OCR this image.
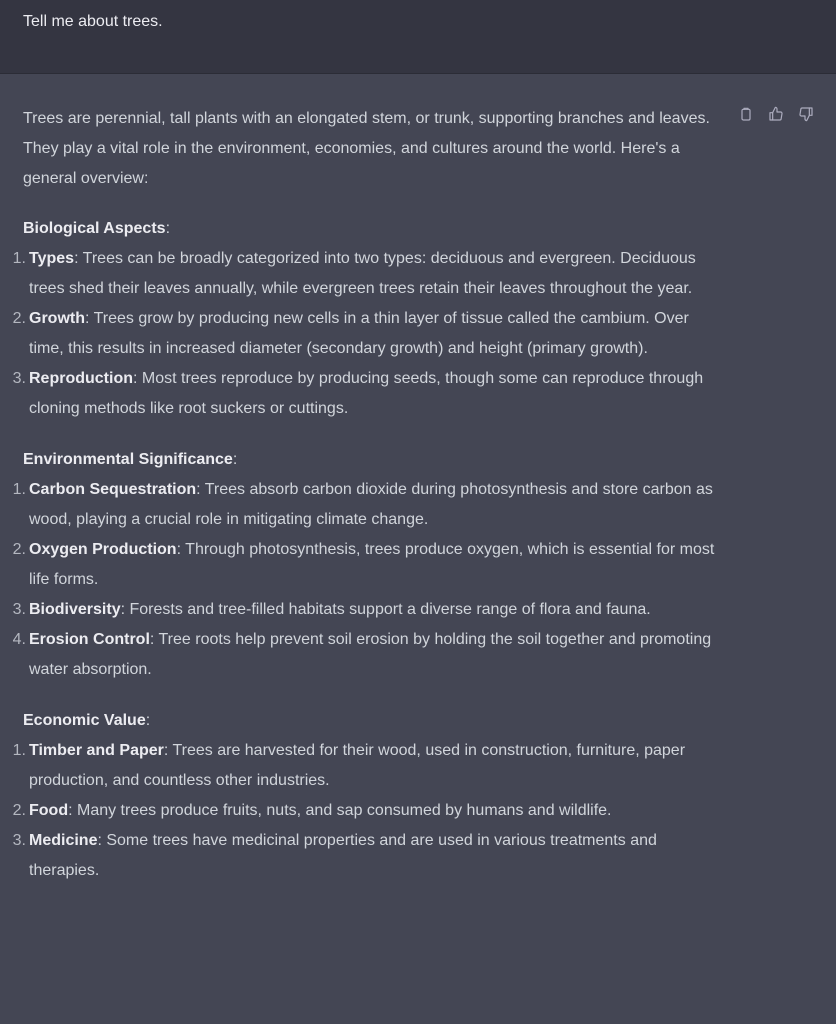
Tell me about trees.

Trees are perennial, tall plants with an elongated stem, or trunk, supporting branches and leaves. They play a vital role in the environment, economies, and cultures around the world. Here's a general overview:

Biological Aspects:

1. Types: Trees can be broadly categorized into two types: deciduous and evergreen. Deciduous trees shed their leaves annually, while evergreen trees retain their leaves throughout the year.
2. Growth: Trees grow by producing new cells in a thin layer of tissue called the cambium. Over time, this results in increased diameter (secondary growth) and height (primary growth).
3. Reproduction: Most trees reproduce by producing seeds, though some can reproduce through cloning methods like root suckers or cuttings.

Environmental Significance:

1. Carbon Sequestration: Trees absorb carbon dioxide during photosynthesis and store carbon as wood, playing a crucial role in mitigating climate change.
2. Oxygen Production: Through photosynthesis, trees produce oxygen, which is essential for most life forms.
3. Biodiversity: Forests and tree-filled habitats support a diverse range of flora and fauna.
4. Erosion Control: Tree roots help prevent soil erosion by holding the soil together and promoting water absorption.

Economic Value:

1. Timber and Paper: Trees are harvested for their wood, used in construction, furniture, paper production, and countless other industries.
2. Food: Many trees produce fruits, nuts, and sap consumed by humans and wildlife.
3. Medicine: Some trees have medicinal properties and are used in various treatments and therapies.
